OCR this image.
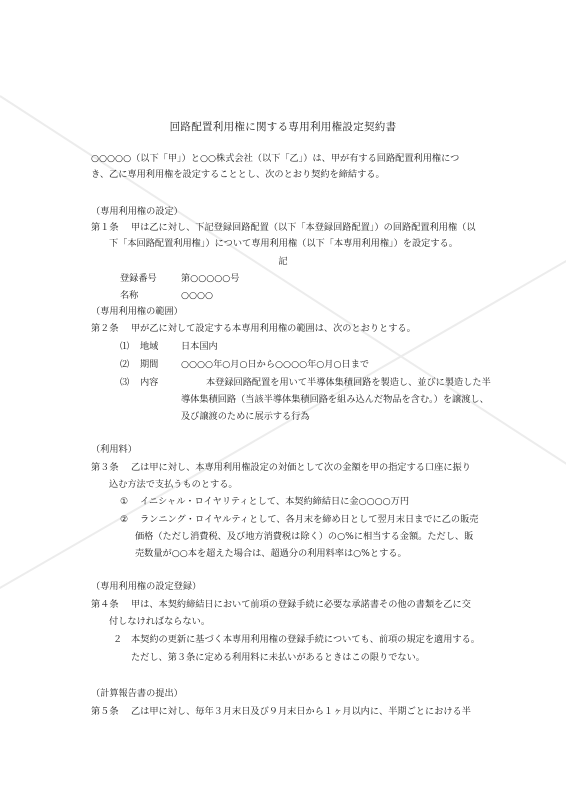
回路配置利用権に関する専用利用権設定契約書
○○○○○（以下「甲」）と○○株式会社（以下「乙」）は、甲が有する回路配置利用権につ
き、乙に専用利用権を設定することとし、次のとおり契約を締結する。
（専用利用権の設定）
第１条 甲は乙に対し、下記登録回路配置（以下「本登録回路配置」）の回路配置利用権（以
下「本回路配置利用権」）について専用利用権（以下「本専用利用権」）を設定する。
記
登録番号	第○○○○○号
名称	○○○○
（専用利用権の範囲）
第２条 甲が乙に対して設定する本専用利用権の範囲は、次のとおりとする。
⑴ 地域 日本国内
⑵ 期間 ○○○○年○月○日から○○○○年○月○日まで
⑶ 内容	本登録回路配置を用いて半導体集積回路を製造し、並びに製造した半
導体集積回路（当該半導体集積回路を組み込んだ物品を含む。）を譲渡し、
及び譲渡のために展示する行為
（利用料）
第３条 乙は甲に対し、本専用利用権設定の対価として次の金額を甲の指定する口座に振り
込む方法で支払うものとする。
① イニシャル・ロイヤリティとして、本契約締結日に金○○○○万円
② ランニング・ロイヤルティとして、各月末を締め日として翌月末日までに乙の販売
価格（ただし消費税、及び地方消費税は除く）の○%に相当する金額。ただし、販
売数量が○○本を超えた場合は、超過分の利用料率は○%とする。
（専用利用権の設定登録）
第４条 甲は、本契約締結日において前項の登録手続に必要な承諾書その他の書類を乙に交
付しなければならない。
２ 本契約の更新に基づく本専用利用権の登録手続についても、前項の規定を適用する。
ただし、第３条に定める利用料に未払いがあるときはこの限りでない。
（計算報告書の提出）
第５条 乙は甲に対し、毎年３月末日及び９月末日から１ヶ月以内に、半期ごとにおける半
